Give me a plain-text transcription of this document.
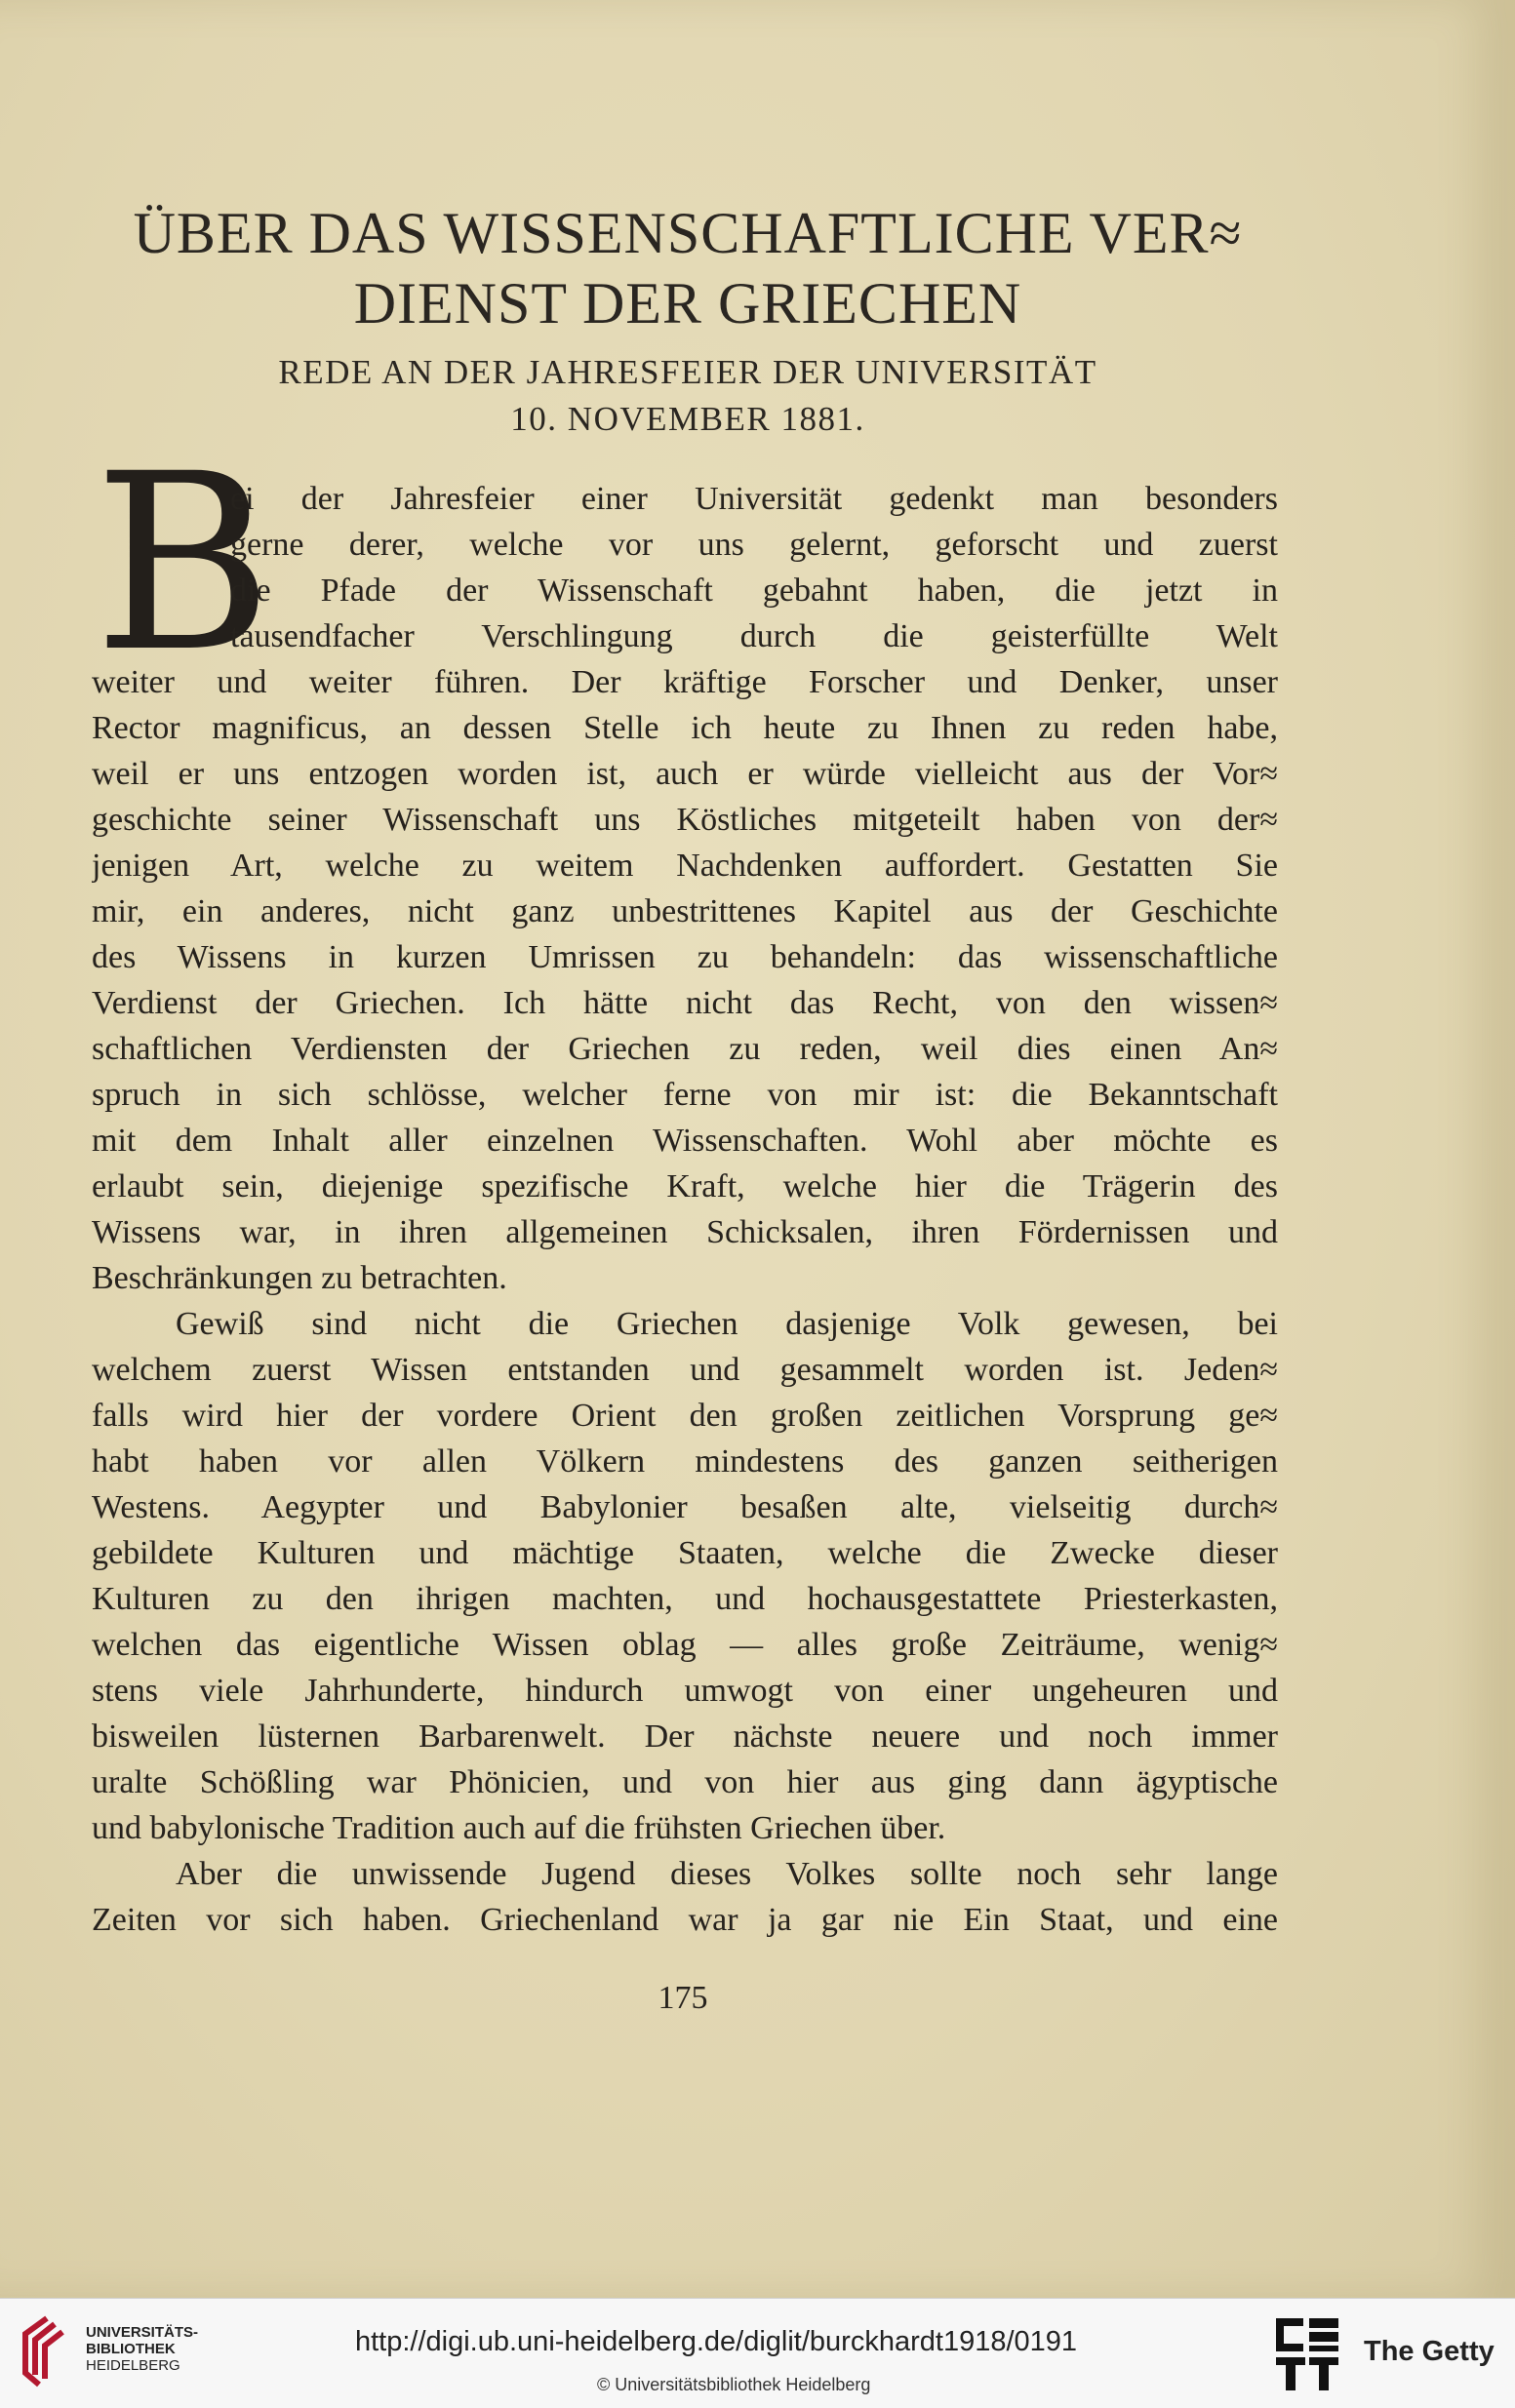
ÜBER DAS WISSENSCHAFTLICHE VER≈
DIENST DER GRIECHEN
REDE AN DER JAHRESFEIER DER UNIVERSITÄT
10. NOVEMBER 1881.
B
ei der Jahresfeier einer Universität gedenkt man besonders
gerne derer, welche vor uns gelernt, geforscht und zuerst
die Pfade der Wissenschaft gebahnt haben, die jetzt in
tausendfacher Verschlingung durch die geisterfüllte Welt
weiter und weiter führen. Der kräftige Forscher und Denker, unser
Rector magnificus, an dessen Stelle ich heute zu Ihnen zu reden habe,
weil er uns entzogen worden ist, auch er würde vielleicht aus der Vor≈
geschichte seiner Wissenschaft uns Köstliches mitgeteilt haben von der≈
jenigen Art, welche zu weitem Nachdenken auffordert. Gestatten Sie
mir, ein anderes, nicht ganz unbestrittenes Kapitel aus der Geschichte
des Wissens in kurzen Umrissen zu behandeln: das wissenschaftliche
Verdienst der Griechen. Ich hätte nicht das Recht, von den wissen≈
schaftlichen Verdiensten der Griechen zu reden, weil dies einen An≈
spruch in sich schlösse, welcher ferne von mir ist: die Bekanntschaft
mit dem Inhalt aller einzelnen Wissenschaften. Wohl aber möchte es
erlaubt sein, diejenige spezifische Kraft, welche hier die Trägerin des
Wissens war, in ihren allgemeinen Schicksalen, ihren Fördernissen und
Beschränkungen zu betrachten.
Gewiß sind nicht die Griechen dasjenige Volk gewesen, bei
welchem zuerst Wissen entstanden und gesammelt worden ist. Jeden≈
falls wird hier der vordere Orient den großen zeitlichen Vorsprung ge≈
habt haben vor allen Völkern mindestens des ganzen seitherigen
Westens. Aegypter und Babylonier besaßen alte, vielseitig durch≈
gebildete Kulturen und mächtige Staaten, welche die Zwecke dieser
Kulturen zu den ihrigen machten, und hochausgestattete Priesterkasten,
welchen das eigentliche Wissen oblag — alles große Zeiträume, wenig≈
stens viele Jahrhunderte, hindurch umwogt von einer ungeheuren und
bisweilen lüsternen Barbarenwelt. Der nächste neuere und noch immer
uralte Schößling war Phönicien, und von hier aus ging dann ägyptische
und babylonische Tradition auch auf die frühsten Griechen über.
Aber die unwissende Jugend dieses Volkes sollte noch sehr lange
Zeiten vor sich haben. Griechenland war ja gar nie Ein Staat, und eine
175
UNIVERSITÄTS-
BIBLIOTHEK
HEIDELBERG
http://digi.ub.uni-heidelberg.de/diglit/burckhardt1918/0191
© Universitätsbibliothek Heidelberg
The Getty
